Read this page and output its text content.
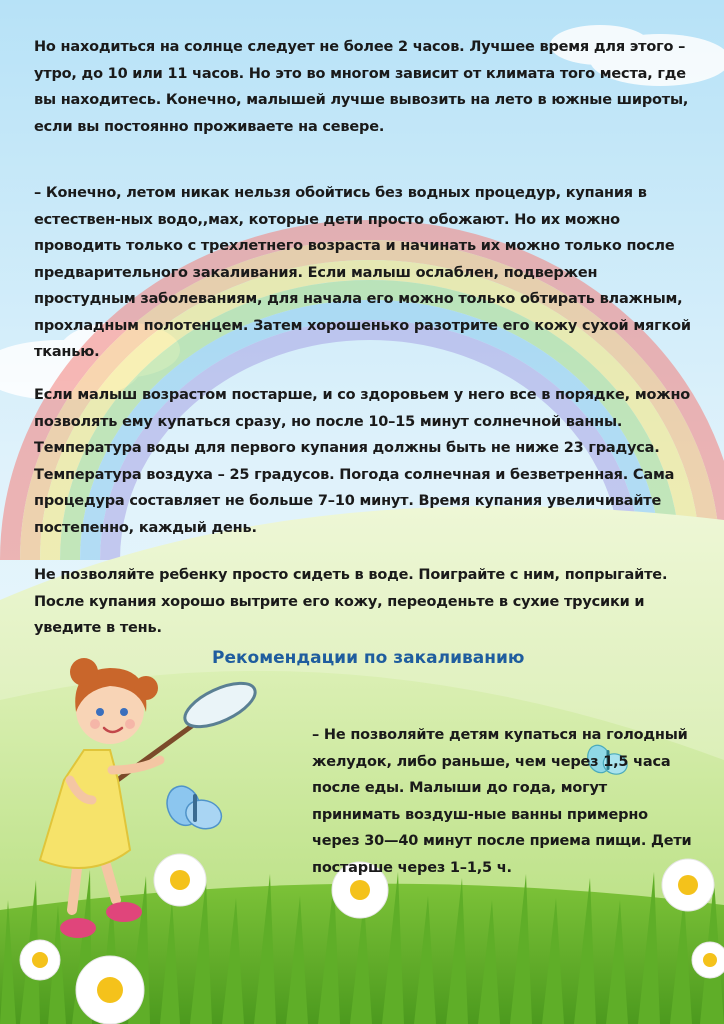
Но находиться на солнце следует не более 2 часов. Лучшее время для этого – утро, до 10 или 11 часов. Но это во многом зависит от климата того места, где вы находитесь. Конечно, малышей лучше вывозить на лето в южные широты, если вы постоянно проживаете на севере.

– Конечно, летом никак нельзя обойтись без водных процедур, купания в естествен-ных водо,,мах, которые дети просто обожают. Но их можно проводить только с трехлетнего возраста и начинать их можно только после предварительного закаливания. Если малыш ослаблен, подвержен простудным заболеваниям, для начала его можно только обтирать влажным, прохладным полотенцем. Затем хорошенько разотрите его кожу сухой мягкой тканью.

Если малыш возрастом постарше, и со здоровьем у него все в порядке, можно позволять ему купаться сразу, но после 10–15 минут солнечной ванны. Температура воды для первого купания должны быть не ниже 23 градуса. Температура воздуха – 25 градусов. Погода солнечная и безветренная. Сама процедура составляет не больше 7–10 минут. Время купания увеличивайте постепенно, каждый день.

Не позволяйте ребенку просто сидеть в воде. Поиграйте с ним, попрыгайте. После купания хорошо вытрите его кожу, переоденьте в сухие трусики и уведите в тень.

Рекомендации по закаливанию

– Не позволяйте детям купаться на голодный желудок, либо раньше, чем через 1,5 часа после еды. Малыши до года, могут принимать воздуш-ные ванны примерно через 30—40 минут после приема пищи. Дети постарше через 1–1,5 ч.
